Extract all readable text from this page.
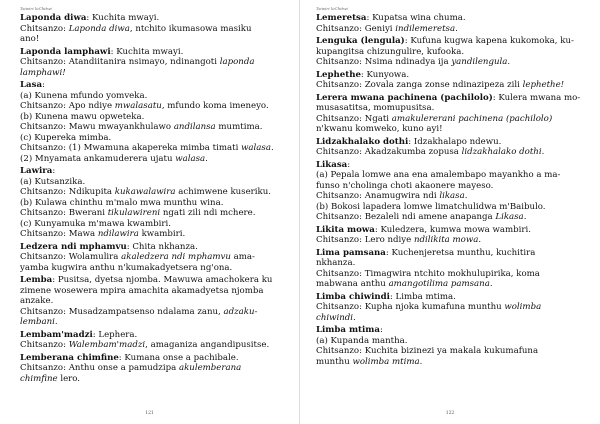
Tsiwiri loChitwi
Laponda diwa: Kuchita mwayi.
Chitsanzo: Laponda diwa, ntchito ikumasowa masiku
ano!
Laponda lamphawi: Kuchita mwayi.
Chitsanzo: Atandiitanira nsimayo, ndinangoti laponda
lamphawi!
Lasa:
(a) Kunena mfundo yomveka.
Chitsanzo: Apo ndiye mwalasatu, mfundo koma imeneyo.
(b) Kunena mawu opweteka.
Chitsanzo: Mawu mwayankhulawo andilansa mumtima.
(c) Kupereka mimba.
Chitsanzo: (1) Mwamuna akapereka mimba timati walasa.
(2) Mnyamata ankamuderera ujatu walasa.
Lawira:
(a) Kutsanzika.
Chitsanzo: Ndikupita kukawalawira achimwene kuseriku.
(b) Kulawa chinthu m'malo mwa munthu wina.
Chitsanzo: Bwerani tikulawireni ngati zili ndi mchere.
(c) Kunyamuka m'mawa kwambiri.
Chitsanzo: Mawa ndilawira kwambiri.
Ledzera ndi mphamvu: Chita nkhanza.
Chitsanzo: Wolamulira akaledzera ndi mphamvu ama-
yamba kugwira anthu n'kumakadyetsera ng'ona.
Lemba: Pusitsa, dyetsa njomba. Mawuwa amachokera ku
zimene wosewera mpira amachita akamadyetsa njomba
anzake.
Chitsanzo: Musadzampatsenso ndalama zanu, adzaku-
lembani.
Lembam'madzi: Lephera.
Chitsanzo: Walembam'madzi, amaganiza angandipusitse.
Lemberana chimfine: Kumana onse a pachibale.
Chitsanzo: Anthu onse a pamudzipa akulemberana
chimfine lero.
121
Tsiwiri loChitwi
Lemeretsa: Kupatsa wina chuma.
Chitsanzo: Geniyi indilemeretsa.
Lenguka (lengula): Kufuna kugwa kapena kukomoka, ku-
kupangitsa chizungulire, kufooka.
Chitsanzo: Nsima ndinadya ija yandilengula.
Lephethe: Kunyowa.
Chitsanzo: Zovala zanga zonse ndinazipeza zili lephethe!
Lerera mwana pachinena (pachilolo): Kulera mwana mo-
musasatitsa, momupusitsa.
Chitsanzo: Ngati amakulererani pachinena (pachilolo)
n'kwanu komweko, kuno ayi!
Lidzakhalako dothi: Idzakhalapo ndewu.
Chitsanzo: Akadzakumba zopusa lidzakhalako dothi.
Likasa:
(a) Pepala lomwe ana ena amalembapo mayankho a ma-
funso n'cholinga choti akaonere mayeso.
Chitsanzo: Anamugwira ndi likasa.
(b) Bokosi lapadera lomwe limatchulidwa m'Baibulo.
Chitsanzo: Bezaleli ndi amene anapanga Likasa.
Likita mowa: Kuledzera, kumwa mowa wambiri.
Chitsanzo: Lero ndiye ndilikita mowa.
Lima pamsana: Kuchenjeretsa munthu, kuchitira
nkhanza.
Chitsanzo: Timagwira ntchito mokhulupirika, koma
mabwana anthu amangotilima pamsana.
Limba chiwindi: Limba mtima.
Chitsanzo: Kupha njoka kumafuna munthu wolimba
chiwindi.
Limba mtima:
(a) Kupanda mantha.
Chitsanzo: Kuchita bizinezi ya makala kukumafuna
munthu wolimba mtima.
122
